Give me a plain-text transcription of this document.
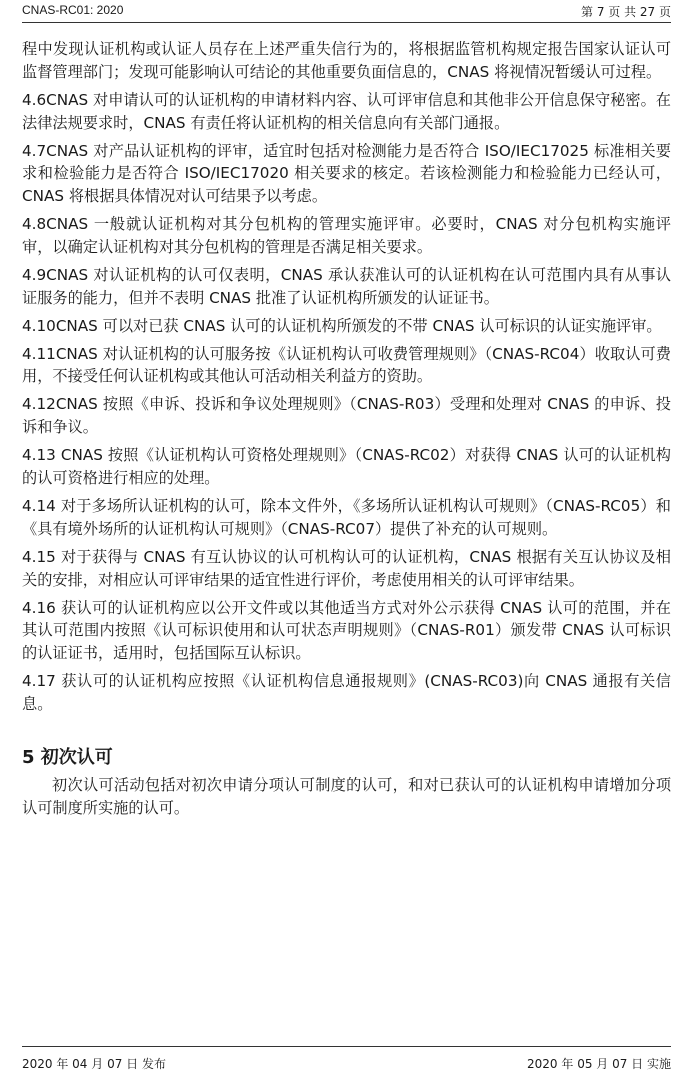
CNAS-RC01: 2020	第 7 页 共 27 页

程中发现认证机构或认证人员存在上述严重失信行为的，将根据监管机构规定报告国家认证认可监督管理部门；发现可能影响认可结论的其他重要负面信息的，CNAS 将视情况暂缓认可过程。

4.6CNAS 对申请认可的认证机构的申请材料内容、认可评审信息和其他非公开信息保守秘密。在法律法规要求时，CNAS 有责任将认证机构的相关信息向有关部门通报。

4.7CNAS 对产品认证机构的评审，适宜时包括对检测能力是否符合 ISO/IEC17025 标准相关要求和检验能力是否符合 ISO/IEC17020 相关要求的核定。若该检测能力和检验能力已经认可，CNAS 将根据具体情况对认可结果予以考虑。

4.8CNAS 一般就认证机构对其分包机构的管理实施评审。必要时，CNAS 对分包机构实施评审，以确定认证机构对其分包机构的管理是否满足相关要求。

4.9CNAS 对认证机构的认可仅表明，CNAS 承认获准认可的认证机构在认可范围内具有从事认证服务的能力，但并不表明 CNAS 批准了认证机构所颁发的认证证书。

4.10CNAS 可以对已获 CNAS 认可的认证机构所颁发的不带 CNAS 认可标识的认证实施评审。

4.11CNAS 对认证机构的认可服务按《认证机构认可收费管理规则》（CNAS-RC04）收取认可费用，不接受任何认证机构或其他认可活动相关利益方的资助。

4.12CNAS 按照《申诉、投诉和争议处理规则》（CNAS-R03）受理和处理对 CNAS 的申诉、投诉和争议。

4.13 CNAS 按照《认证机构认可资格处理规则》（CNAS-RC02）对获得 CNAS 认可的认证机构的认可资格进行相应的处理。

4.14 对于多场所认证机构的认可，除本文件外，《多场所认证机构认可规则》（CNAS-RC05）和《具有境外场所的认证机构认可规则》（CNAS-RC07）提供了补充的认可规则。

4.15 对于获得与 CNAS 有互认协议的认可机构认可的认证机构，CNAS 根据有关互认协议及相关的安排，对相应认可评审结果的适宜性进行评价，考虑使用相关的认可评审结果。

4.16 获认可的认证机构应以公开文件或以其他适当方式对外公示获得 CNAS 认可的范围，并在其认可范围内按照《认可标识使用和认可状态声明规则》（CNAS-R01）颁发带 CNAS 认可标识的认证证书，适用时，包括国际互认标识。

4.17 获认可的认证机构应按照《认证机构信息通报规则》(CNAS-RC03)向 CNAS 通报有关信息。

5 初次认可

初次认可活动包括对初次申请分项认可制度的认可，和对已获认可的认证机构申请增加分项认可制度所实施的认可。

2020 年 04 月 07 日 发布	2020 年 05 月 07 日 实施
